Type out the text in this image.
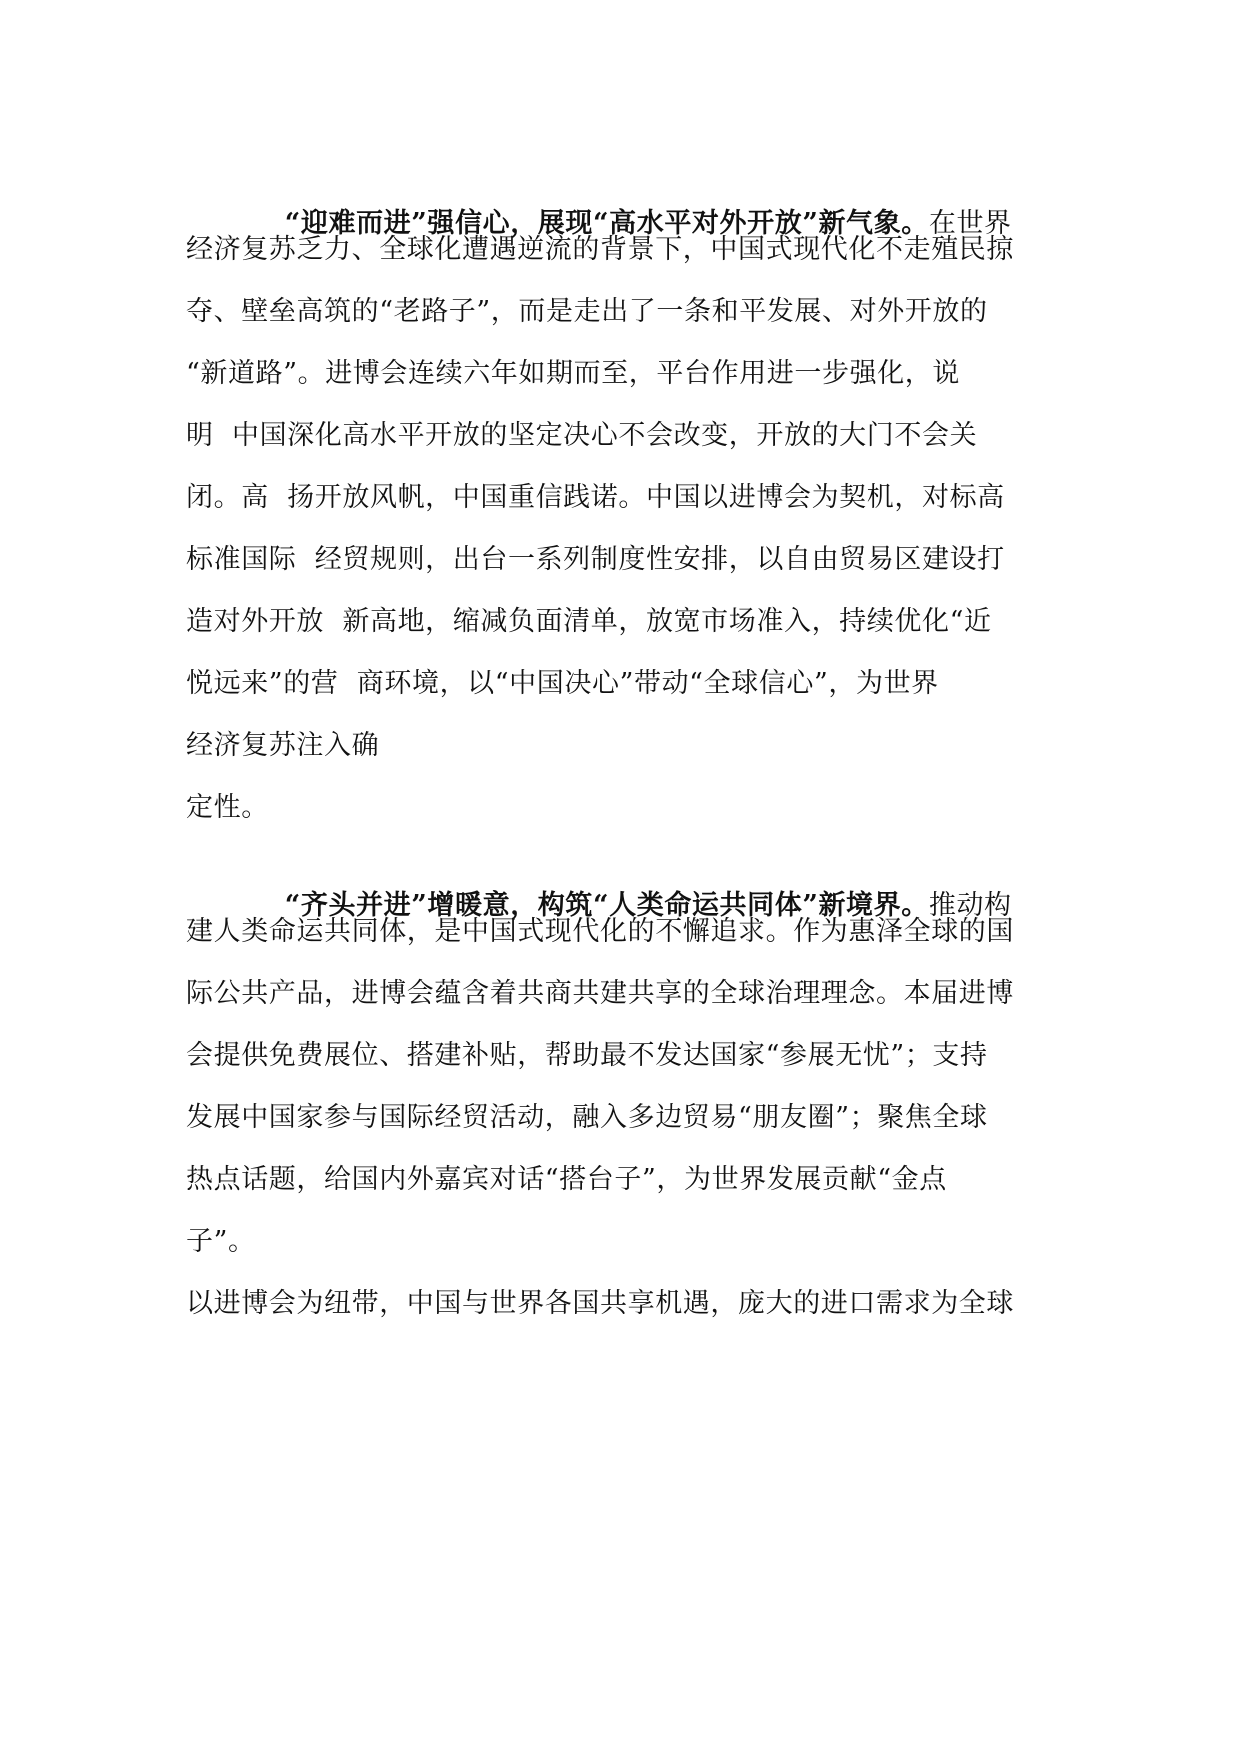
“迎难而进”强信心，展现“高水平对外开放”新气象。在世界

经济复苏乏力、全球化遭遇逆流的背景下，中国式现代化不走殖民掠
夺、壁垒高筑的“老路子”，而是走出了一条和平发展、对外开放的
“新道路”。进博会连续六年如期而至，平台作用进一步强化，说
明  中国深化高水平开放的坚定决心不会改变，开放的大门不会关
闭。高  扬开放风帆，中国重信践诺。中国以进博会为契机，对标高
标准国际  经贸规则，出台一系列制度性安排，以自由贸易区建设打
造对外开放  新高地，缩减负面清单，放宽市场准入，持续优化“近
悦远来”的营  商环境，以“中国决心”带动“全球信心”，为世界
经济复苏注入确
定性。

“齐头并进”增暖意，构筑“人类命运共同体”新境界。推动构

建人类命运共同体，是中国式现代化的不懈追求。作为惠泽全球的国
际公共产品，进博会蕴含着共商共建共享的全球治理理念。本届进博
会提供免费展位、搭建补贴，帮助最不发达国家“参展无忧”；支持
发展中国家参与国际经贸活动，融入多边贸易“朋友圈”；聚焦全球
热点话题，给国内外嘉宾对话“搭台子”，为世界发展贡献“金点
子”。
以进博会为纽带，中国与世界各国共享机遇，庞大的进口需求为全球
